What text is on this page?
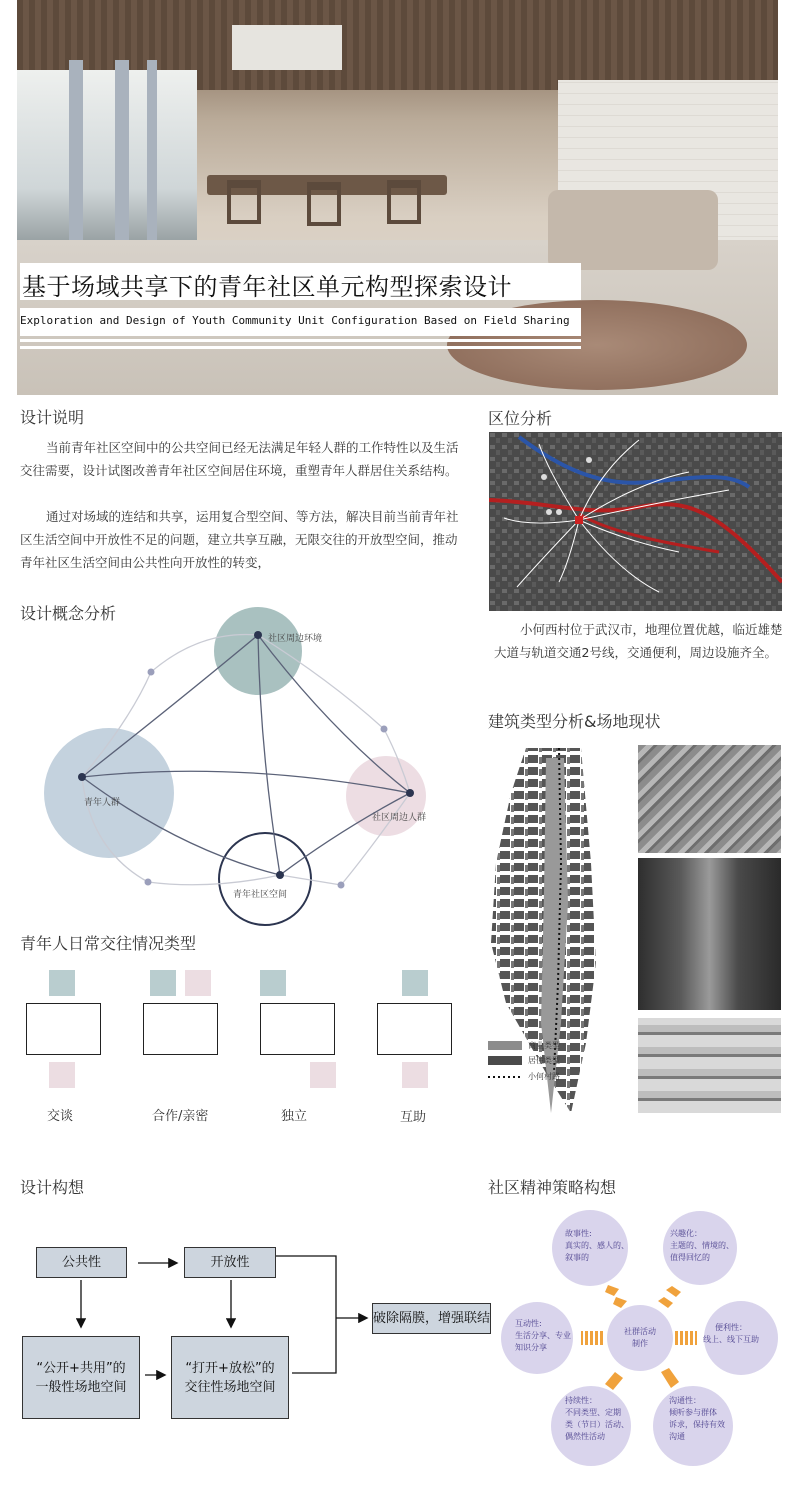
基于场域共享下的青年社区单元构型探索设计
Exploration and Design of Youth Community Unit Configuration Based on Field Sharing
设计说明
当前青年社区空间中的公共空间已经无法满足年轻人群的工作特性以及生活交往需要，设计试图改善青年社区空间居住环境，重塑青年人群居住关系结构。
通过对场域的连结和共享，运用复合型空间、等方法，解决目前当前青年社区生活空间中开放性不足的问题，建立共享互融，无限交往的开放型空间，推动青年社区生活空间由公共性向开放性的转变，
区位分析
小何西村位于武汉市，地理位置优越，临近雄楚大道与轨道交通2号线，交通便利，周边设施齐全。
设计概念分析
社区周边环境
青年人群
社区周边人群
青年社区空间
建筑类型分析&场地现状
商业类型
居住类型
小何村路
青年人日常交往情况类型
交谈	合作/亲密	独立	互助
设计构想
公共性	开放性
“公开+共用”的
一般性场地空间
“打开+放松”的
交往性场地空间
破除隔膜，增强联结
社区精神策略构想
社群活动
制作
故事性:
真实的、感人的、
叙事的
兴趣化：
主题的、情境的、
值得回忆的
互动性:
生活分享、专业
知识分享
便利性：
线上、线下互助
持续性：
不同类型、定期
类（节日）活动、
偶然性活动
沟通性：
倾听参与群体
诉求，保持有效
沟通
